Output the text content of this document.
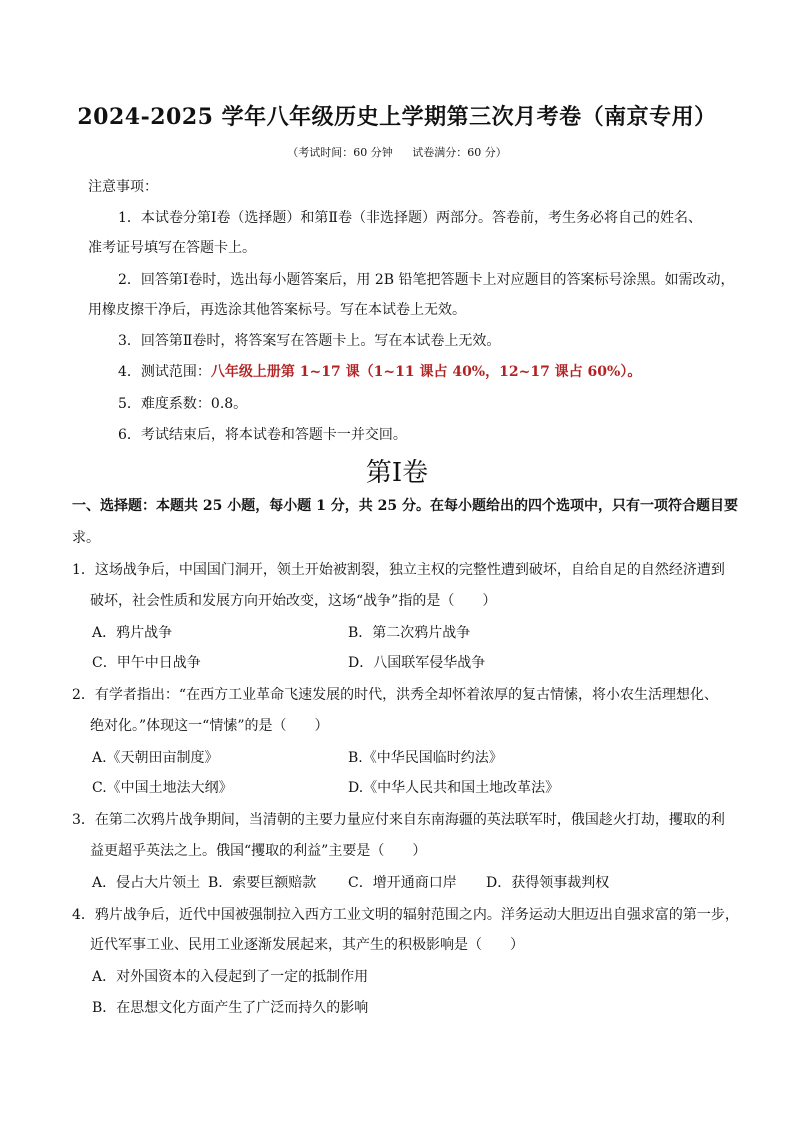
2024-2025 学年八年级历史上学期第三次月考卷（南京专用）
（考试时间：60 分钟 试卷满分：60 分）
注意事项：
1．本试卷分第Ⅰ卷（选择题）和第Ⅱ卷（非选择题）两部分。答卷前，考生务必将自己的姓名、
准考证号填写在答题卡上。
2．回答第Ⅰ卷时，选出每小题答案后，用 2B 铅笔把答题卡上对应题目的答案标号涂黑。如需改动，
用橡皮擦干净后，再选涂其他答案标号。写在本试卷上无效。
3．回答第Ⅱ卷时，将答案写在答题卡上。写在本试卷上无效。
4．测试范围：八年级上册第 1~17 课（1~11 课占 40%，12~17 课占 60%）。
5．难度系数：0.8。
6．考试结束后，将本试卷和答题卡一并交回。
第Ⅰ卷
一、选择题：本题共 25 小题，每小题 1 分，共 25 分。在每小题给出的四个选项中，只有一项符合题目要
求。
1．这场战争后，中国国门洞开，领土开始被割裂，独立主权的完整性遭到破坏，自给自足的自然经济遭到
破坏，社会性质和发展方向开始改变，这场“战争”指的是（　　）
A．鸦片战争	B．第二次鸦片战争
C．甲午中日战争	D．八国联军侵华战争
2．有学者指出：“在西方工业革命飞速发展的时代，洪秀全却怀着浓厚的复古情愫，将小农生活理想化、
绝对化。”体现这一“情愫”的是（　　）
A.《天朝田亩制度》	B.《中华民国临时约法》
C.《中国土地法大纲》	D.《中华人民共和国土地改革法》
3．在第二次鸦片战争期间，当清朝的主要力量应付来自东南海疆的英法联军时，俄国趁火打劫，攫取的利
益更超乎英法之上。俄国“攫取的利益”主要是（　　）
A．侵占大片领土 B．索要巨额赔款 C．增开通商口岸 D．获得领事裁判权
4．鸦片战争后，近代中国被强制拉入西方工业文明的辐射范围之内。洋务运动大胆迈出自强求富的第一步，
近代军事工业、民用工业逐渐发展起来，其产生的积极影响是（　　）
A．对外国资本的入侵起到了一定的抵制作用
B．在思想文化方面产生了广泛而持久的影响
